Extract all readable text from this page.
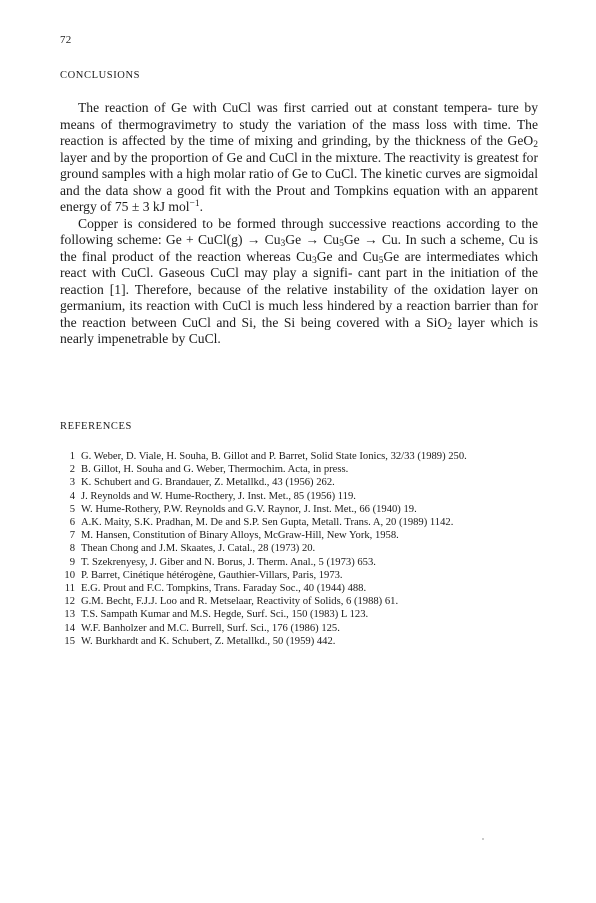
72
CONCLUSIONS

The reaction of Ge with CuCl was first carried out at constant tempera- ture by means of thermogravimetry to study the variation of the mass loss with time. The reaction is affected by the time of mixing and grinding, by the thickness of the GeO$_2$ layer and by the proportion of Ge and CuCl in the mixture. The reactivity is greatest for ground samples with a high molar ratio of Ge to CuCl. The kinetic curves are sigmoidal and the data show a good fit with the Prout and Tompkins equation with an apparent energy of 75 ± 3 kJ mol$^{-1}$.

Copper is considered to be formed through successive reactions according to the following scheme: Ge + CuCl(g) → $Cu_3Ge \to Cu_5Ge \to Cu$. In such a scheme, Cu is the final product of the reaction whereas $Cu_3Ge$ and $Cu_5Ge$ are intermediates which react with CuCl. Gaseous CuCl may play a signifi- cant part in the initiation of the reaction [1]. Therefore, because of the relative instability of the oxidation layer on germanium, its reaction with CuCl is much less hindered by a reaction barrier than for the reaction between CuCl and Si, the Si being covered with a SiO$_2$ layer which is nearly impenetrable by CuCl.

REFERENCES
1 G. Weber, D. Viale, H. Souha, B. Gillot and P. Barret, Solid State Ionics, 32/33 (1989) 250.
2 B. Gillot, H. Souha and G. Weber, Thermochim. Acta, in press.
3 K. Schubert and G. Brandauer, Z. Metallkd., 43 (1956) 262.
4 J. Reynolds and W. Hume-Rocthery, J. Inst. Met., 85 (1956) 119.
5 W. Hume-Rothery, P.W. Reynolds and G.V. Raynor, J. Inst. Met., 66 (1940) 19.
6 A.K. Maity, S.K. Pradhan, M. De and S.P. Sen Gupta, Metall. Trans. A, 20 (1989) 1142.
7 M. Hansen, Constitution of Binary Alloys, McGraw-Hill, New York, 1958.
8 Thean Chong and J.M. Skaates, J. Catal., 28 (1973) 20.
9 T. Szekrenyesy, J. Giber and N. Borus, J. Therm. Anal., 5 (1973) 653.
10 P. Barret, Cinétique hétérogène, Gauthier-Villars, Paris, 1973.
11 E.G. Prout and F.C. Tompkins, Trans. Faraday Soc., 40 (1944) 488.
12 G.M. Becht, F.J.J. Loo and R. Metselaar, Reactivity of Solids, 6 (1988) 61.
13 T.S. Sampath Kumar and M.S. Hegde, Surf. Sci., 150 (1983) L 123.
14 W.F. Banholzer and M.C. Burrell, Surf. Sci., 176 (1986) 125.
15 W. Burkhardt and K. Schubert, Z. Metallkd., 50 (1959) 442.
